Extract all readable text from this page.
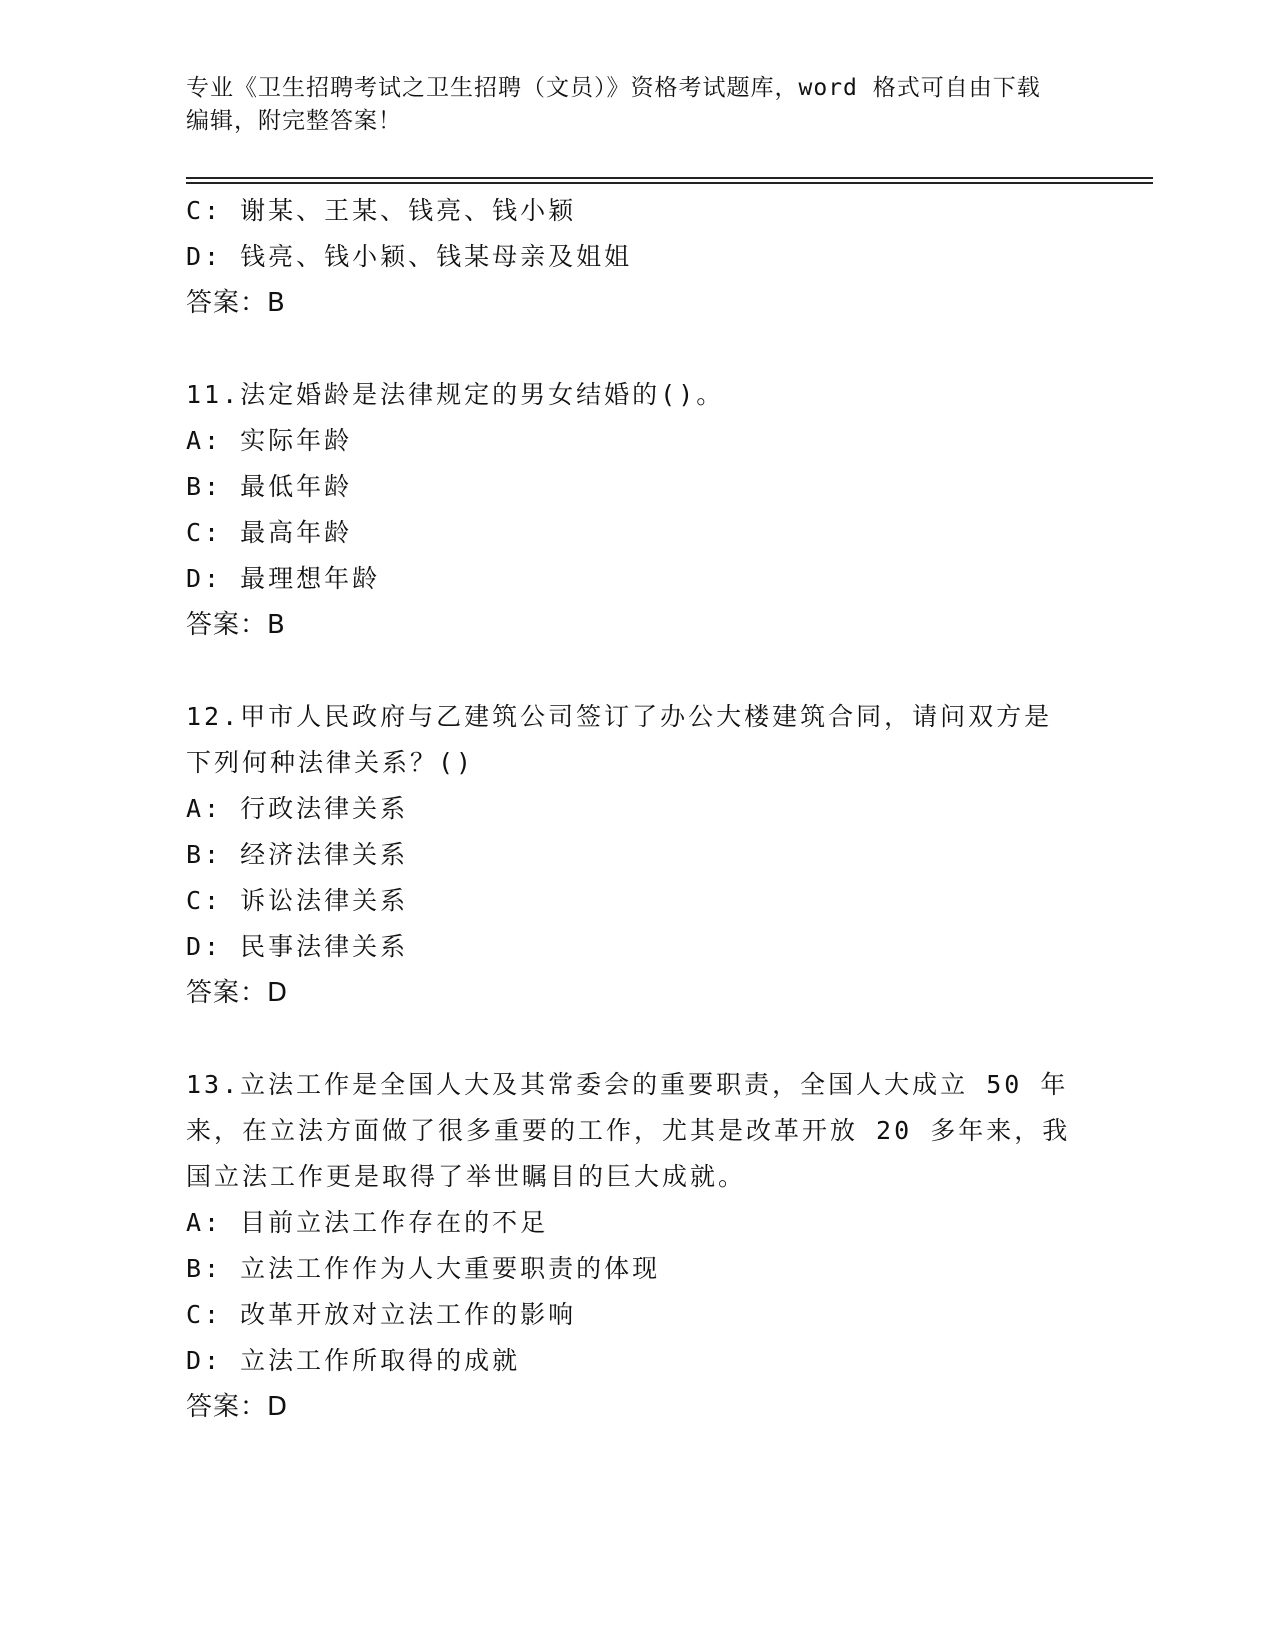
专业《卫生招聘考试之卫生招聘（文员）》资格考试题库，word 格式可自由下载
编辑，附完整答案！
C: 谢某、王某、钱亮、钱小颖
D: 钱亮、钱小颖、钱某母亲及姐姐
答案：B
11.法定婚龄是法律规定的男女结婚的()。
A: 实际年龄
B: 最低年龄
C: 最高年龄
D: 最理想年龄
答案：B
12.甲市人民政府与乙建筑公司签订了办公大楼建筑合同，请问双方是
下列何种法律关系？()
A: 行政法律关系
B: 经济法律关系
C: 诉讼法律关系
D: 民事法律关系
答案：D
13.立法工作是全国人大及其常委会的重要职责，全国人大成立 50 年
来，在立法方面做了很多重要的工作，尤其是改革开放 20 多年来，我
国立法工作更是取得了举世瞩目的巨大成就。
A: 目前立法工作存在的不足
B: 立法工作作为人大重要职责的体现
C: 改革开放对立法工作的影响
D: 立法工作所取得的成就
答案：D
